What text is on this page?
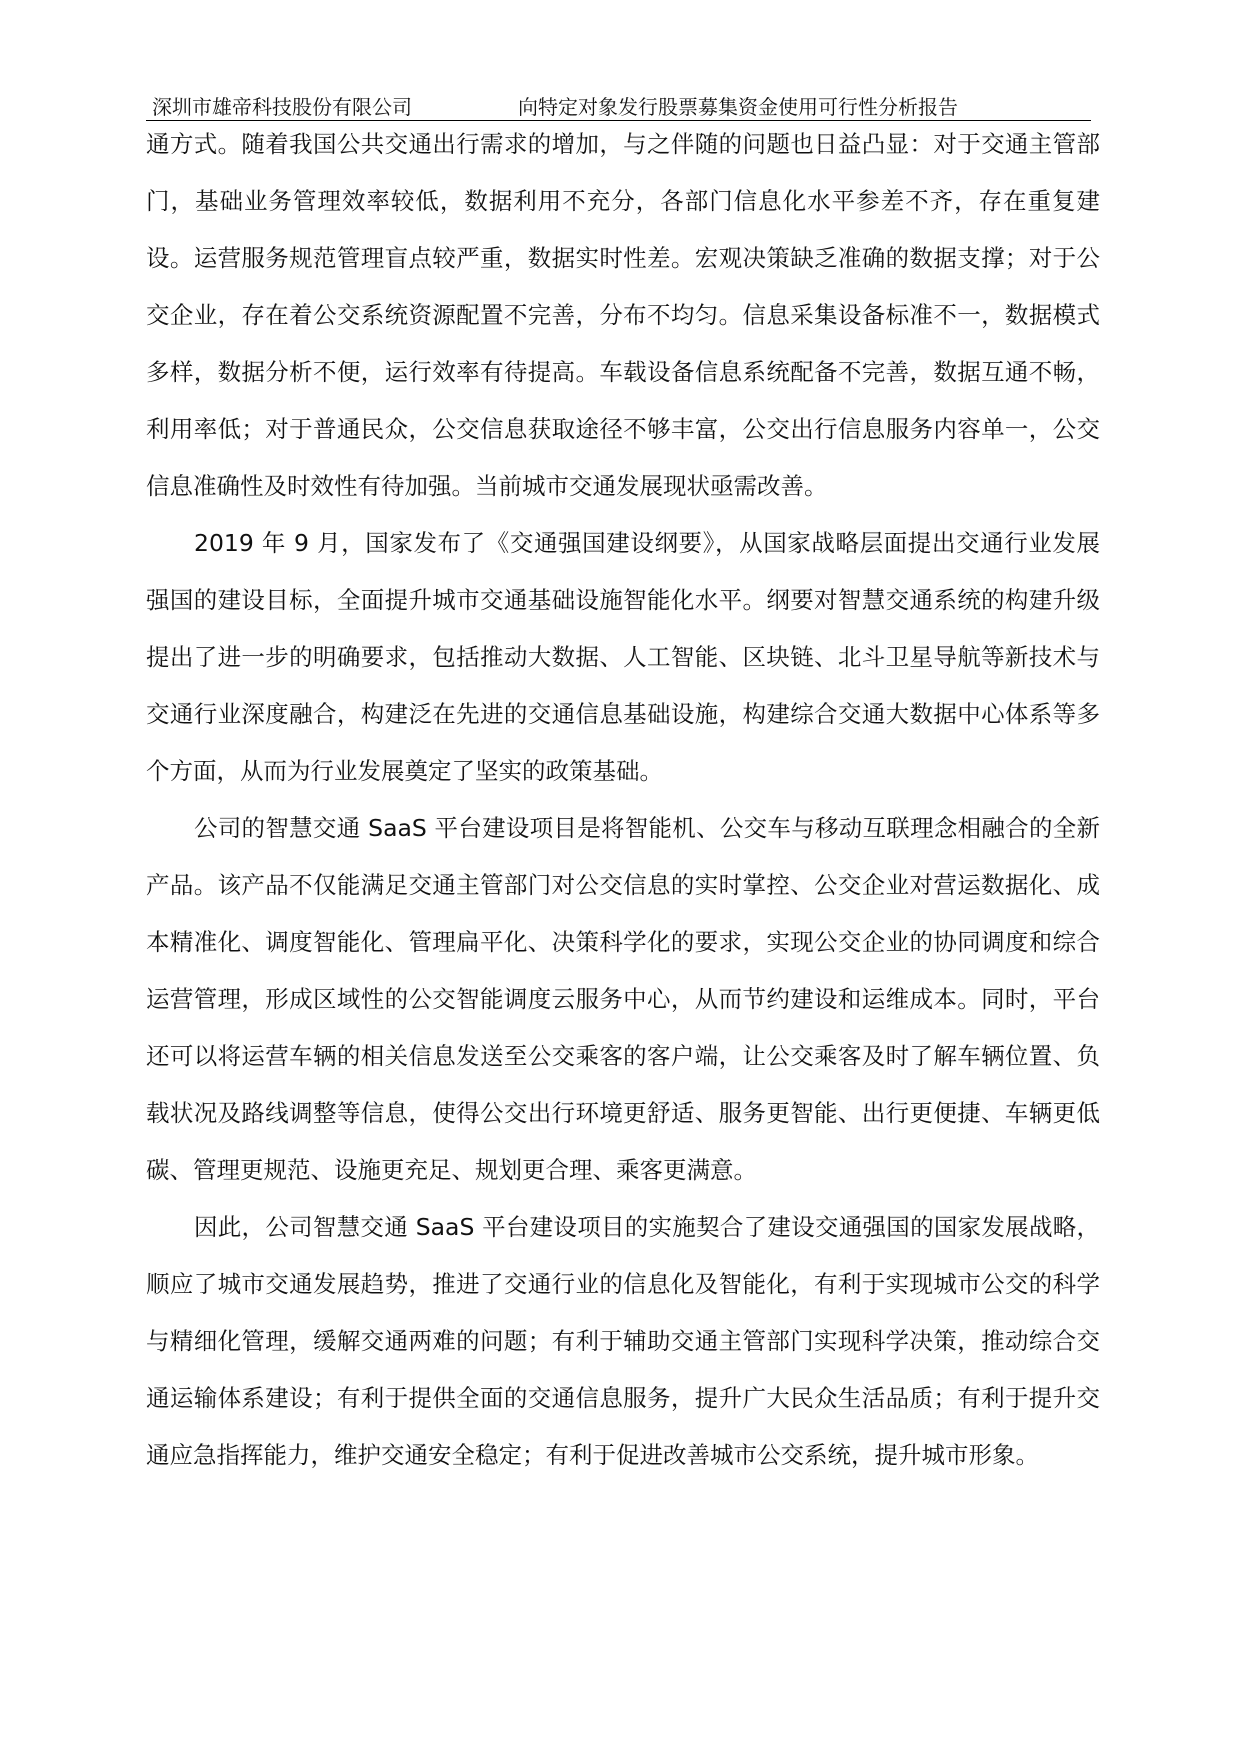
深圳市雄帝科技股份有限公司	向特定对象发行股票募集资金使用可行性分析报告

通方式。随着我国公共交通出行需求的增加，与之伴随的问题也日益凸显：对于交通主管部门，基础业务管理效率较低，数据利用不充分，各部门信息化水平参差不齐，存在重复建设。运营服务规范管理盲点较严重，数据实时性差。宏观决策缺乏准确的数据支撑；对于公交企业，存在着公交系统资源配置不完善，分布不均匀。信息采集设备标准不一，数据模式多样，数据分析不便，运行效率有待提高。车载设备信息系统配备不完善，数据互通不畅，利用率低；对于普通民众，公交信息获取途径不够丰富，公交出行信息服务内容单一，公交信息准确性及时效性有待加强。当前城市交通发展现状亟需改善。

2019 年 9 月，国家发布了《交通强国建设纲要》，从国家战略层面提出交通行业发展强国的建设目标，全面提升城市交通基础设施智能化水平。纲要对智慧交通系统的构建升级提出了进一步的明确要求，包括推动大数据、人工智能、区块链、北斗卫星导航等新技术与交通行业深度融合，构建泛在先进的交通信息基础设施，构建综合交通大数据中心体系等多个方面，从而为行业发展奠定了坚实的政策基础。

公司的智慧交通 SaaS 平台建设项目是将智能机、公交车与移动互联理念相融合的全新产品。该产品不仅能满足交通主管部门对公交信息的实时掌控、公交企业对营运数据化、成本精准化、调度智能化、管理扁平化、决策科学化的要求，实现公交企业的协同调度和综合运营管理，形成区域性的公交智能调度云服务中心，从而节约建设和运维成本。同时，平台还可以将运营车辆的相关信息发送至公交乘客的客户端，让公交乘客及时了解车辆位置、负载状况及路线调整等信息，使得公交出行环境更舒适、服务更智能、出行更便捷、车辆更低碳、管理更规范、设施更充足、规划更合理、乘客更满意。

因此，公司智慧交通 SaaS 平台建设项目的实施契合了建设交通强国的国家发展战略，顺应了城市交通发展趋势，推进了交通行业的信息化及智能化，有利于实现城市公交的科学与精细化管理，缓解交通两难的问题；有利于辅助交通主管部门实现科学决策，推动综合交通运输体系建设；有利于提供全面的交通信息服务，提升广大民众生活品质；有利于提升交通应急指挥能力，维护交通安全稳定；有利于促进改善城市公交系统，提升城市形象。
